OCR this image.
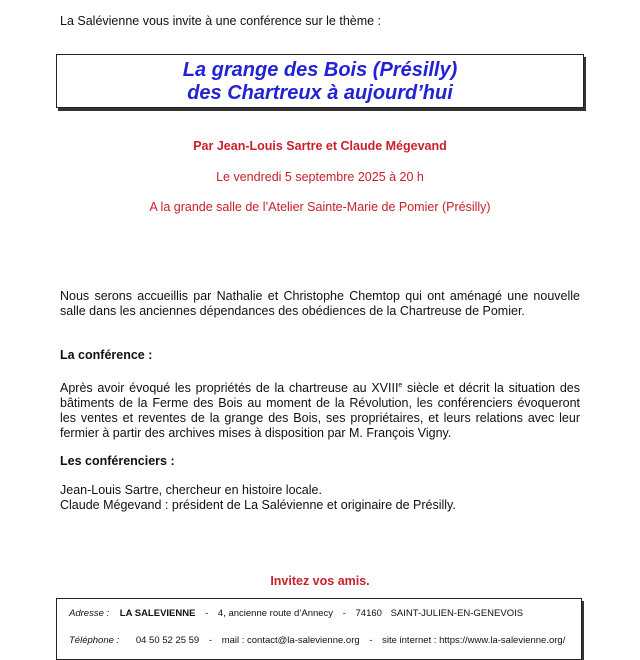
La Salévienne vous invite à une conférence sur le thème :
La grange des Bois (Présilly)
des Chartreux à aujourd’hui
Par Jean-Louis Sartre et Claude Mégevand
Le vendredi 5 septembre 2025 à 20 h
A la grande salle de l’Atelier Sainte-Marie de Pomier (Présilly)
Nous serons accueillis par Nathalie et Christophe Chemtop qui ont aménagé une nouvelle salle dans les anciennes dépendances des obédiences de la Chartreuse de Pomier.
La conférence :
Après avoir évoqué les propriétés de la chartreuse au XVIIIe siècle et décrit la situation des bâtiments de la Ferme des Bois au moment de la Révolution, les conférenciers évoqueront les ventes et reventes de la grange des Bois, ses propriétaires, et leurs relations avec leur fermier à partir des archives mises à disposition par M. François Vigny.
Les conférenciers :
Jean-Louis Sartre, chercheur en histoire locale.
Claude Mégevand : président de La Salévienne et originaire de Présilly.
Invitez vos amis.
Adresse : LA SALEVIENNE - 4, ancienne route d’Annecy - 74160 SAINT-JULIEN-EN-GENEVOIS
Téléphone : 04 50 52 25 59 - mail : contact@la-salevienne.org - site internet : https://www.la-salevienne.org/
